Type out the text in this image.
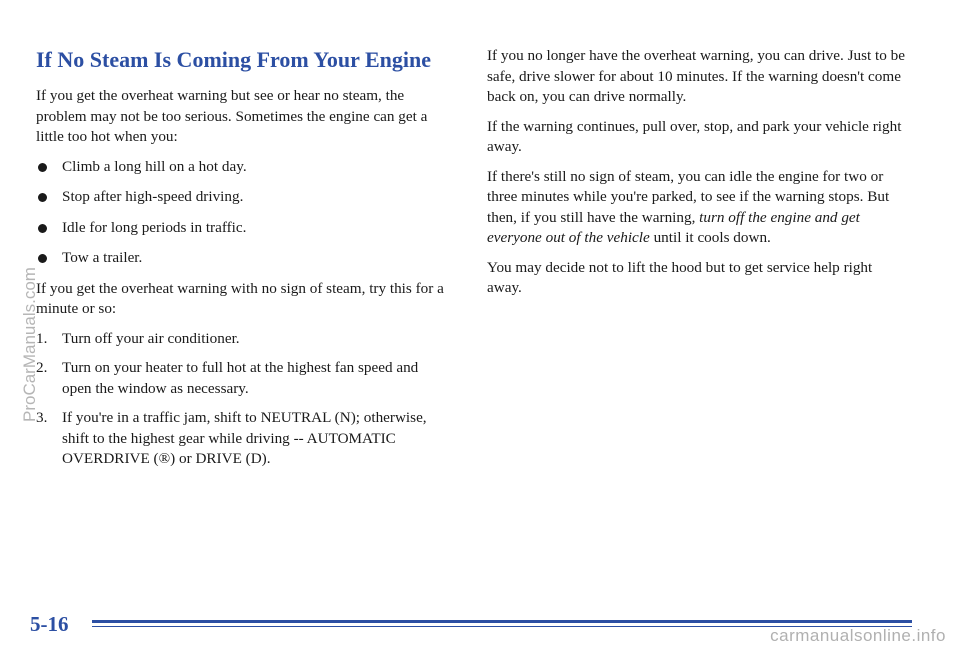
If No Steam Is Coming From Your Engine

If you get the overheat warning but see or hear no steam, the problem may not be too serious. Sometimes the engine can get a little too hot when you:

Climb a long hill on a hot day.
Stop after high-speed driving.
Idle for long periods in traffic.
Tow a trailer.

If you get the overheat warning with no sign of steam, try this for a minute or so:

1. Turn off your air conditioner.
2. Turn on your heater to full hot at the highest fan speed and open the window as necessary.
3. If you're in a traffic jam, shift to NEUTRAL (N); otherwise, shift to the highest gear while driving -- AUTOMATIC OVERDRIVE (®) or DRIVE (D).

If you no longer have the overheat warning, you can drive. Just to be safe, drive slower for about 10 minutes. If the warning doesn't come back on, you can drive normally.

If the warning continues, pull over, stop, and park your vehicle right away.

If there's still no sign of steam, you can idle the engine for two or three minutes while you're parked, to see if the warning stops. But then, if you still have the warning, turn off the engine and get everyone out of the vehicle until it cools down.

You may decide not to lift the hood but to get service help right away.

5-16
ProCarManuals.com
carmanualsonline.info
